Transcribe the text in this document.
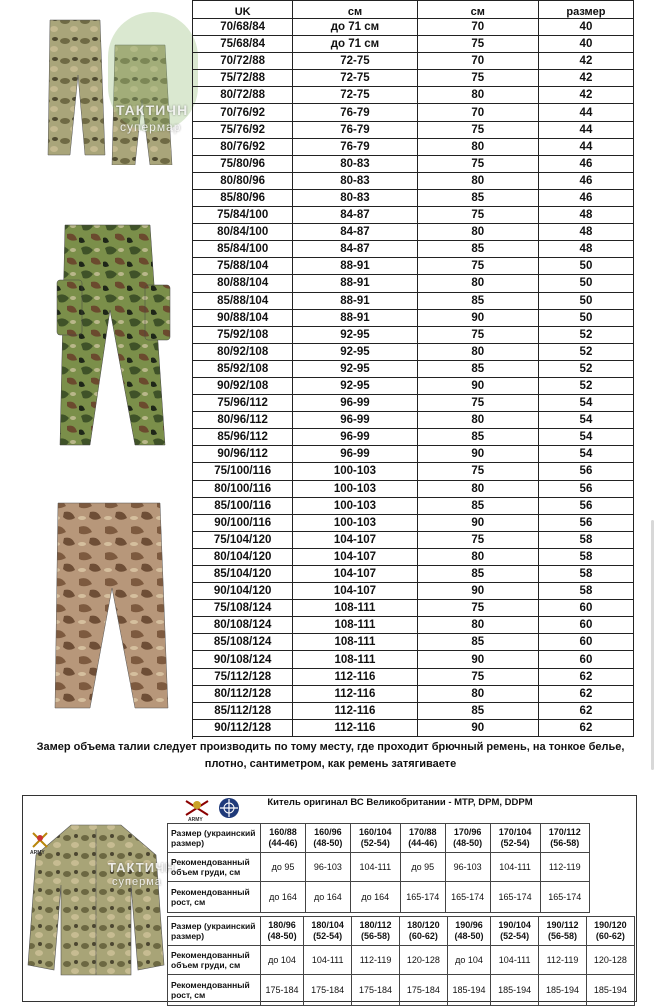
ТАКТИЧН
супермар
UK	см	см	размер
70/68/84	до 71 см	70	40
75/68/84	до 71 см	75	40
70/72/88	72-75	70	42
75/72/88	72-75	75	42
80/72/88	72-75	80	42
70/76/92	76-79	70	44
75/76/92	76-79	75	44
80/76/92	76-79	80	44
75/80/96	80-83	75	46
80/80/96	80-83	80	46
85/80/96	80-83	85	46
75/84/100	84-87	75	48
80/84/100	84-87	80	48
85/84/100	84-87	85	48
75/88/104	88-91	75	50
80/88/104	88-91	80	50
85/88/104	88-91	85	50
90/88/104	88-91	90	50
75/92/108	92-95	75	52
80/92/108	92-95	80	52
85/92/108	92-95	85	52
90/92/108	92-95	90	52
75/96/112	96-99	75	54
80/96/112	96-99	80	54
85/96/112	96-99	85	54
90/96/112	96-99	90	54
75/100/116	100-103	75	56
80/100/116	100-103	80	56
85/100/116	100-103	85	56
90/100/116	100-103	90	56
75/104/120	104-107	75	58
80/104/120	104-107	80	58
85/104/120	104-107	85	58
90/104/120	104-107	90	58
75/108/124	108-111	75	60
80/108/124	108-111	80	60
85/108/124	108-111	85	60
90/108/124	108-111	90	60
75/112/128	112-116	75	62
80/112/128	112-116	80	62
85/112/128	112-116	85	62
90/112/128	112-116	90	62
Замер объема талии следует производить по тому месту, где проходит брючный ремень, на тонкое белье, плотно, сантиметром, как ремень затягиваете
ARMY
ТАКТИЧН
суперма
ARMY
Китель оригинал ВС Великобритании - MTP, DPM, DDPM
Размер (украинский размер)	160/88 (44-46)	160/96 (48-50)	160/104 (52-54)	170/88 (44-46)	170/96 (48-50)	170/104 (52-54)	170/112 (56-58)
Рекомендованный объем груди, см	до 95	96-103	104-111	до 95	96-103	104-111	112-119
Рекомендованный рост, см	до 164	до 164	до 164	165-174	165-174	165-174	165-174
Размер (украинский размер)	180/96 (48-50)	180/104 (52-54)	180/112 (56-58)	180/120 (60-62)	190/96 (48-50)	190/104 (52-54)	190/112 (56-58)	190/120 (60-62)
Рекомендованный объем груди, см	до 104	104-111	112-119	120-128	до 104	104-111	112-119	120-128
Рекомендованный рост, см	175-184	175-184	175-184	175-184	185-194	185-194	185-194	185-194
